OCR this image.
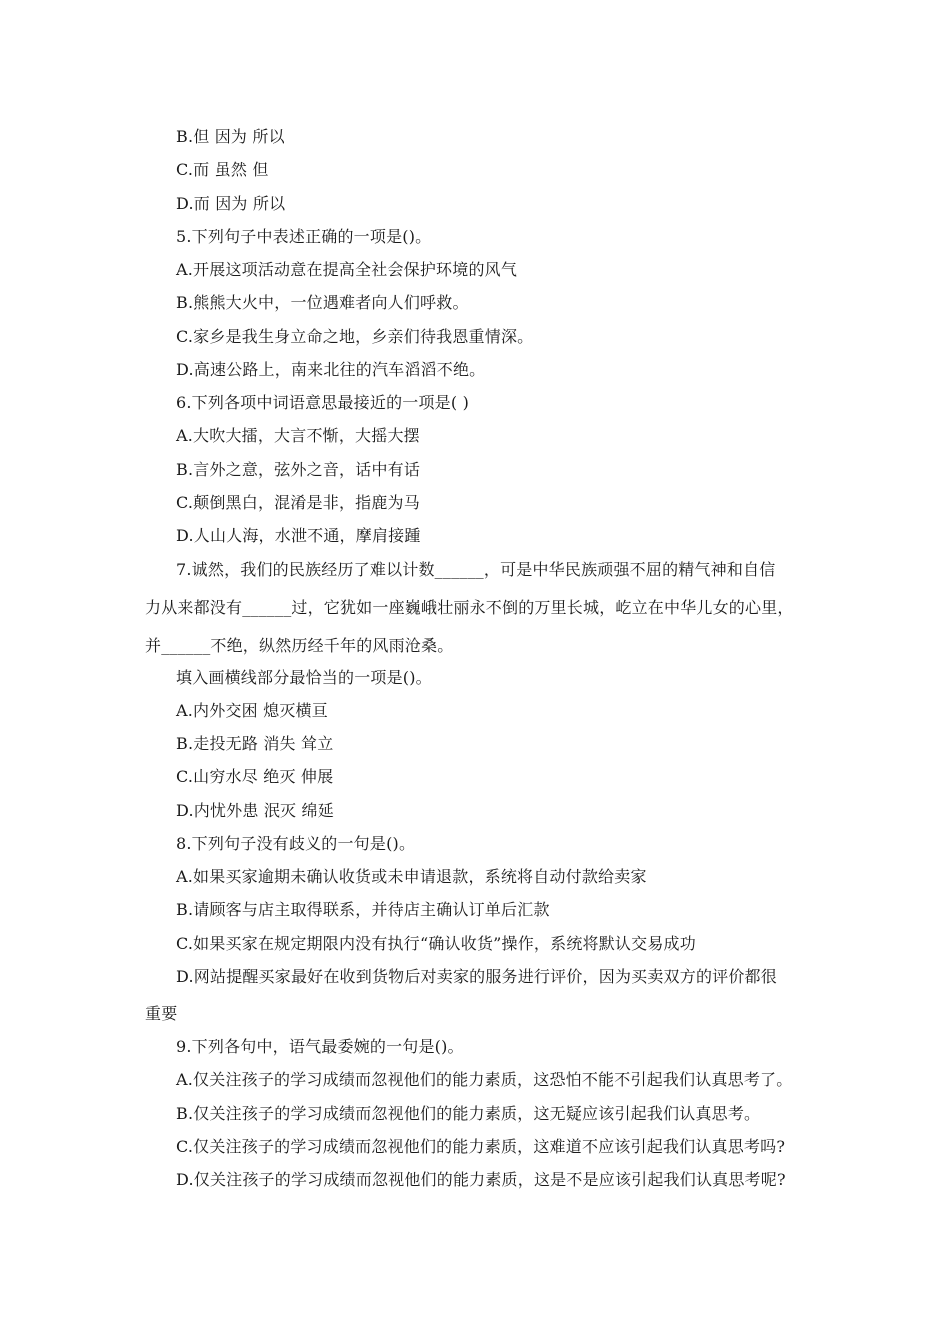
B.但 因为 所以
C.而 虽然 但
D.而 因为 所以
5.下列句子中表述正确的一项是()。
A.开展这项活动意在提高全社会保护环境的风气
B.熊熊大火中，一位遇难者向人们呼救。
C.家乡是我生身立命之地，乡亲们待我恩重情深。
D.高速公路上，南来北往的汽车滔滔不绝。
6.下列各项中词语意思最接近的一项是( )
A.大吹大擂，大言不惭，大摇大摆
B.言外之意，弦外之音，话中有话
C.颠倒黑白，混淆是非，指鹿为马
D.人山人海，水泄不通，摩肩接踵
7.诚然，我们的民族经历了难以计数______，可是中华民族顽强不屈的精气神和自信
力从来都没有______过，它犹如一座巍峨壮丽永不倒的万里长城，屹立在中华儿女的心里，
并______不绝，纵然历经千年的风雨沧桑。
填入画横线部分最恰当的一项是()。
A.内外交困 熄灭横亘
B.走投无路 消失 耸立
C.山穷水尽 绝灭 伸展
D.内忧外患 泯灭 绵延
8.下列句子没有歧义的一句是()。
A.如果买家逾期未确认收货或未申请退款，系统将自动付款给卖家
B.请顾客与店主取得联系，并待店主确认订单后汇款
C.如果买家在规定期限内没有执行“确认收货”操作，系统将默认交易成功
D.网站提醒买家最好在收到货物后对卖家的服务进行评价，因为买卖双方的评价都很
重要
9.下列各句中，语气最委婉的一句是()。
A.仅关注孩子的学习成绩而忽视他们的能力素质，这恐怕不能不引起我们认真思考了。
B.仅关注孩子的学习成绩而忽视他们的能力素质，这无疑应该引起我们认真思考。
C.仅关注孩子的学习成绩而忽视他们的能力素质，这难道不应该引起我们认真思考吗?
D.仅关注孩子的学习成绩而忽视他们的能力素质，这是不是应该引起我们认真思考呢?
